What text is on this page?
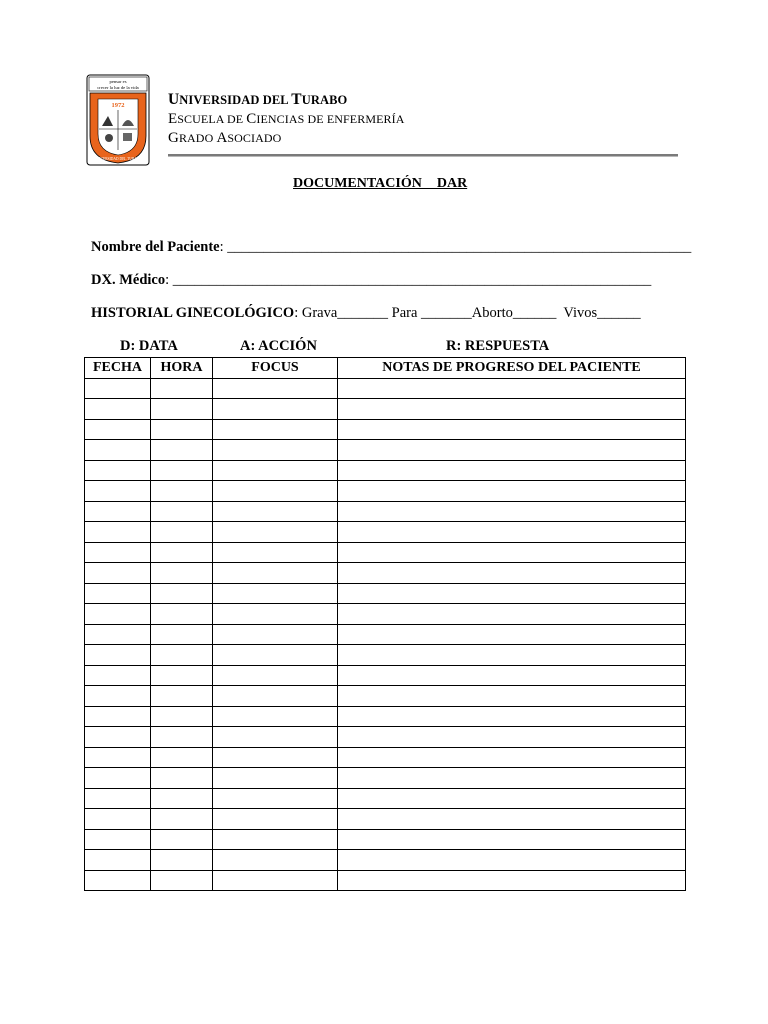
pensar es
crecer la luz de la vida
1972
UNIVERSIDAD DEL TURABO
UNIVERSIDAD DEL TURABO
ESCUELA DE CIENCIAS DE ENFERMERÍA
GRADO ASOCIADO
DOCUMENTACIÓN  DAR
Nombre del Paciente: ________________________________________________________________
DX. Médico: __________________________________________________________________
HISTORIAL GINECOLÓGICO: Grava_______ Para _______Aborto______  Vivos______
D: DATA	A: ACCIÓN	R: RESPUESTA
FECHA	HORA	FOCUS	NOTAS DE PROGRESO DEL PACIENTE
